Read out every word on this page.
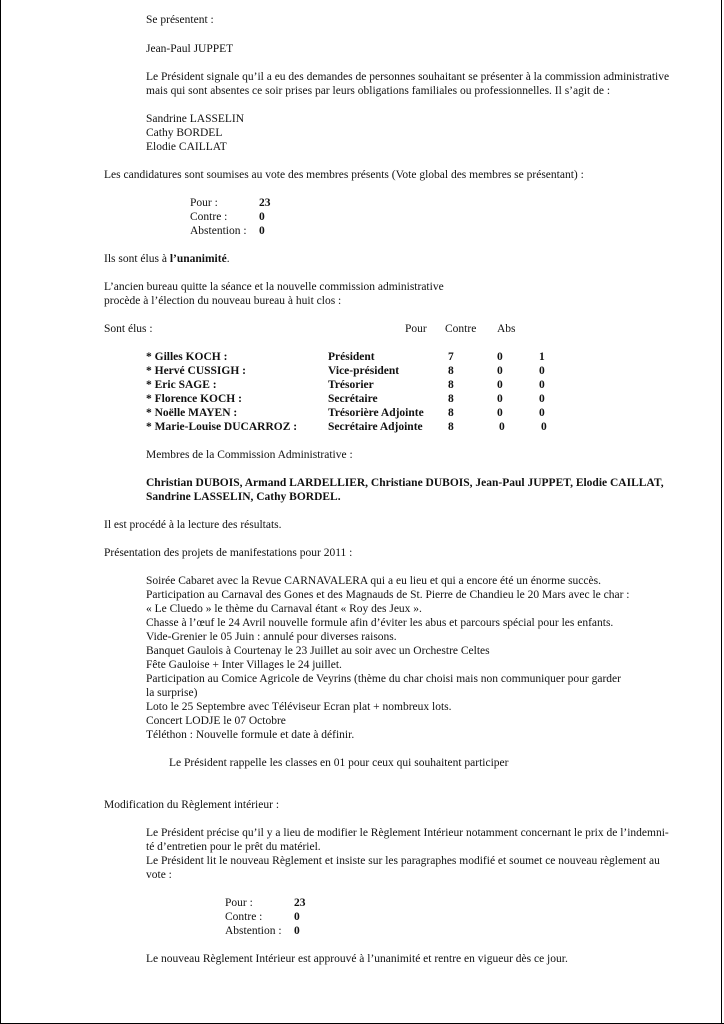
Se présentent :
Jean-Paul JUPPET
Le Président signale qu’il a eu des demandes de personnes souhaitant se présenter à la commission administrative
mais qui sont absentes ce soir prises par leurs obligations familiales ou professionnelles. Il s’agit de :
Sandrine LASSELIN
Cathy BORDEL
Elodie CAILLAT
Les candidatures sont soumises au vote des membres présents (Vote global des membres se présentant) :
Pour :	23
Contre :	0
Abstention : 0
Ils sont élus à l’unanimité.
L’ancien bureau quitte la séance et la nouvelle commission administrative
procède à l’élection du nouveau bureau à huit clos :
Sont élus :	Pour Contre Abs
* Gilles KOCH :	Président	7	0	1
* Hervé CUSSIGH :	Vice-président	8	0	0
* Eric SAGE :	Trésorier	8	0	0
* Florence KOCH :	Secrétaire	8	0	0
* Noëlle MAYEN :	Trésorière Adjointe 8	0	0
* Marie-Louise DUCARROZ :	Secrétaire Adjointe 8	0	0
Membres de la Commission Administrative :
Christian DUBOIS, Armand LARDELLIER, Christiane DUBOIS, Jean-Paul JUPPET, Elodie CAILLAT,
Sandrine LASSELIN, Cathy BORDEL.
Il est procédé à la lecture des résultats.
Présentation des projets de manifestations pour 2011 :
Soirée Cabaret avec la Revue CARNAVALERA qui a eu lieu et qui a encore été un énorme succès.
Participation au Carnaval des Gones et des Magnauds de St. Pierre de Chandieu le 20 Mars avec le char :
« Le Cluedo » le thème du Carnaval étant « Roy des Jeux ».
Chasse à l’œuf le 24 Avril nouvelle formule afin d’éviter les abus et parcours spécial pour les enfants.
Vide-Grenier le 05 Juin : annulé pour diverses raisons.
Banquet Gaulois à Courtenay le 23 Juillet au soir avec un Orchestre Celtes
Fête Gauloise + Inter Villages le 24 juillet.
Participation au Comice Agricole de Veyrins (thème du char choisi mais non communiquer pour garder
la surprise)
Loto le 25 Septembre avec Téléviseur Ecran plat + nombreux lots.
Concert LODJE le 07 Octobre
Téléthon : Nouvelle formule et date à définir.
Le Président rappelle les classes en 01 pour ceux qui souhaitent participer
Modification du Règlement intérieur :
Le Président précise qu’il y a lieu de modifier le Règlement Intérieur notamment concernant le prix de l’indemni-
té d’entretien pour le prêt du matériel.
Le Président lit le nouveau Règlement et insiste sur les paragraphes modifié et soumet ce nouveau règlement au
vote :
Pour :	23
Contre :	0
Abstention : 0
Le nouveau Règlement Intérieur est approuvé à l’unanimité et rentre en vigueur dès ce jour.
